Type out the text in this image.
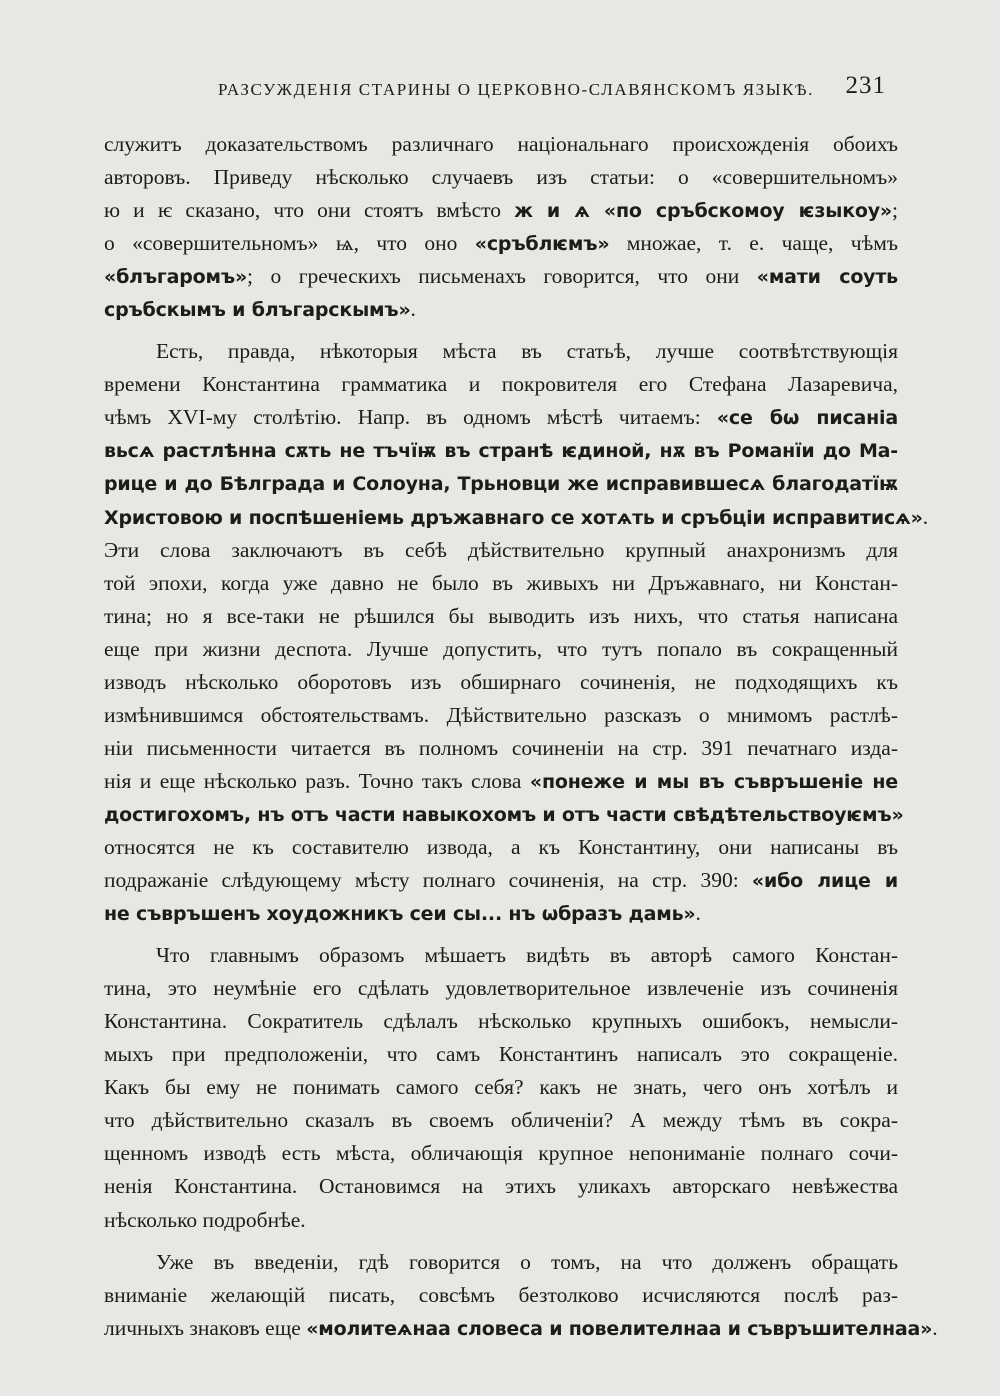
РАЗСУЖДЕНІЯ СТАРИНЫ О ЦЕРКОВНО-СЛАВЯНСКОМЪ ЯЗЫКѢ. 231
служитъ доказательствомъ различнаго національнаго происхожденія обоихъ
авторовъ. Приведу нѣсколько случаевъ изъ статьи: о «совершительномъ»
ю и ѥ сказано, что они стоятъ вмѣсто ж и ѧ «по сръбскомоу ѥзыкоу»;
о «совершительномъ» ѩ, что оно «сръблѥмъ» множае, т. е. чаще, чѣмъ
«блъгаромъ»; о греческихъ письменахъ говорится, что они «мати соуть
сръбскымъ и блъгарскымъ».
Есть, правда, нѣкоторыя мѣста въ статьѣ, лучше соотвѣтствующія
времени Константина грамматика и покровителя его Стефана Лазаревича,
чѣмъ XVI-му столѣтію. Напр. въ одномъ мѣстѣ читаемъ: «се бѡ писаніа
вьсѧ растлѣнна сѫть не тъчїѭ въ странѣ ѥдиной, нѫ въ Романїи до Ма-
рице и до Бѣлграда и Солоуна, Трьновци же исправившесѧ благодатїѭ
Христовою и поспѣшеніемь дръжавнаго се хотѧть и сръбціи исправитисѧ».
Эти слова заключаютъ въ себѣ дѣйствительно крупный анахронизмъ для
той эпохи, когда уже давно не было въ живыхъ ни Дръжавнаго, ни Констан-
тина; но я все-таки не рѣшился бы выводить изъ нихъ, что статья написана
еще при жизни деспота. Лучше допустить, что тутъ попало въ сокращенный
изводъ нѣсколько оборотовъ изъ обширнаго сочиненія, не подходящихъ къ
измѣнившимся обстоятельствамъ. Дѣйствительно разсказъ о мнимомъ растлѣ-
ніи письменности читается въ полномъ сочиненіи на стр. 391 печатнаго изда-
нія и еще нѣсколько разъ. Точно такъ слова «понеже и мы въ съвръшеніе не
достигохомъ, нъ отъ части навыкохомъ и отъ части свѣдѣтельствоуѥмъ»
относятся не къ составителю извода, а къ Константину, они написаны въ
подражаніе слѣдующему мѣсту полнаго сочиненія, на стр. 390: «ибо лице и
не съвръшенъ хоудожникъ сеи сы... нъ ѡбразъ дамь».
Что главнымъ образомъ мѣшаетъ видѣть въ авторѣ самого Констан-
тина, это неумѣніе его сдѣлать удовлетворительное извлеченіе изъ сочиненія
Константина. Сократитель сдѣлалъ нѣсколько крупныхъ ошибокъ, немысли-
мыхъ при предположеніи, что самъ Константинъ написалъ это сокращеніе.
Какъ бы ему не понимать самого себя? какъ не знать, чего онъ хотѣлъ и
что дѣйствительно сказалъ въ своемъ обличеніи? А между тѣмъ въ сокра-
щенномъ изводѣ есть мѣста, обличающія крупное непониманіе полнаго сочи-
ненія Константина. Остановимся на этихъ уликахъ авторскаго невѣжества
нѣсколько подробнѣе.
Уже въ введеніи, гдѣ говорится о томъ, на что долженъ обращать
вниманіе желающій писать, совсѣмъ безтолково исчисляются послѣ раз-
личныхъ знаковъ еще «молитеѧнаа словеса и повелителнаа и съвръшителнаа».
